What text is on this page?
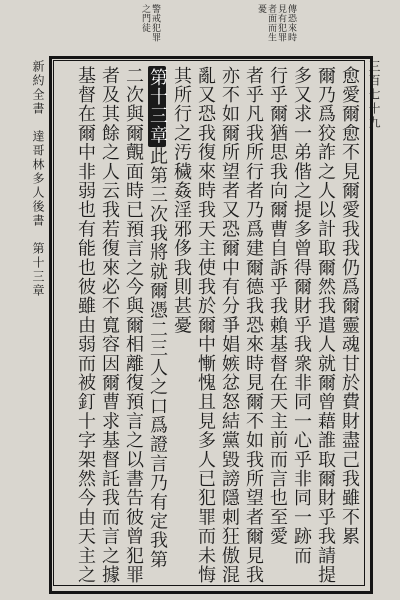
新約全書　達哥林多人後書　第十三章	三百七十九
傳恐來時
見有犯罪
者面而生
憂
警戒犯罪
之門徒
愈愛爾愈不見爾愛我我仍爲爾靈魂甘於費財盡己我雖不累
爾乃爲狡詐之人以計取爾然我遣人就爾曾藉誰取爾財乎我請提
多又求一弟偕之提多曾得爾財乎我衆非同一心乎非同一跡而
行乎爾猶思我向爾曹自訴乎我賴基督在天主前而言也至愛
者乎凡我所行者乃爲建爾德我恐來時見爾不如我所望者爾見我
亦不如爾所望者又恐爾中有分爭娼嫉忿怒結黨毀謗隱刺狂傲混
亂又恐我復來時我天主使我於爾中慚愧且見多人已犯罪而未悔
其所行之汚穢姦淫邪侈我則甚憂
第十三章此第三次我將就爾憑二三人之口爲證言乃有定我第
二次與爾覿面時已預言之今與爾相離復預言之以書告彼曾犯罪
者及其餘之人云我若復來必不寬容因爾曹求基督託我而言之據
基督在爾中非弱也有能也彼雖由弱而被釘十字架然今由天主之
